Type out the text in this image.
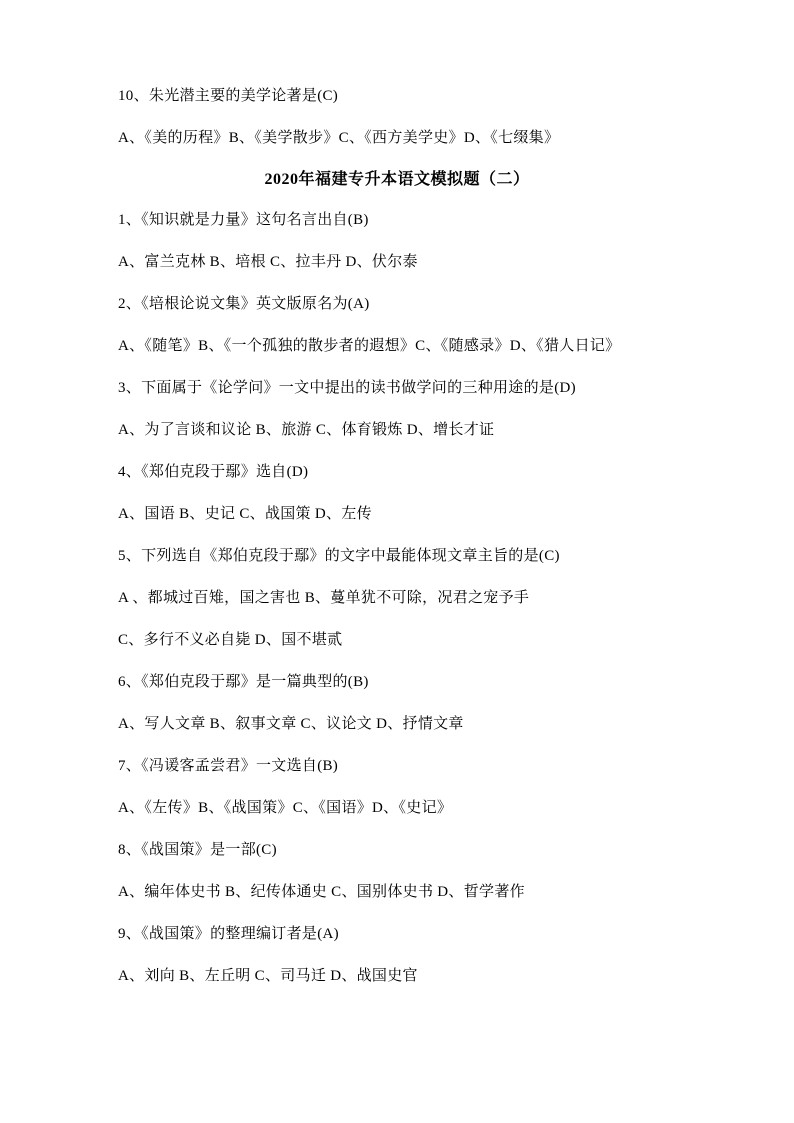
10、朱光潜主要的美学论著是(C)

A、《美的历程》B、《美学散步》C、《西方美学史》D、《七缀集》

2020年福建专升本语文模拟题（二）

1、《知识就是力量》这句名言出自(B)

A、富兰克林 B、培根 C、拉丰丹 D、伏尔泰

2、《培根论说文集》英文版原名为(A)

A、《随笔》B、《一个孤独的散步者的遐想》C、《随感录》D、《猎人日记》

3、下面属于《论学问》一文中提出的读书做学问的三种用途的是(D)

A、为了言谈和议论 B、旅游 C、体育锻炼 D、增长才证

4、《郑伯克段于鄢》选自(D)

A、国语 B、史记 C、战国策 D、左传

5、下列选自《郑伯克段于鄢》的文字中最能体现文章主旨的是(C)

A 、都城过百雉，国之害也 B、蔓单犹不可除，况君之宠予手

C、多行不义必自毙 D、国不堪贰

6、《郑伯克段于鄢》是一篇典型的(B)

A、写人文章 B、叙事文章 C、议论文 D、抒情文章

7、《冯谖客孟尝君》一文选自(B)

A、《左传》B、《战国策》C、《国语》D、《史记》

8、《战国策》是一部(C)

A、编年体史书 B、纪传体通史 C、国别体史书 D、晢学著作

9、《战国策》的整理编订者是(A)

A、刘向 B、左丘明 C、司马迁 D、战国史官
